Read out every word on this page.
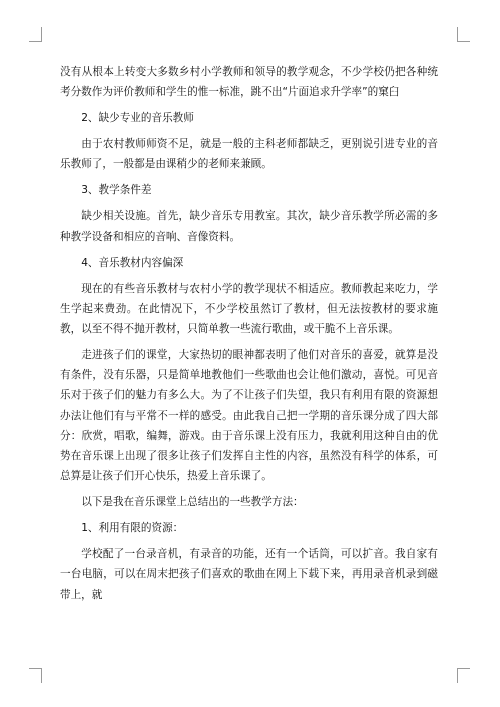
没有从根本上转变大多数乡村小学教师和领导的教学观念，不少学校仍把各种统考分数作为评价教师和学生的惟一标准，跳不出“片面追求升学率”的窠臼

2、缺少专业的音乐教师

由于农村教师师资不足，就是一般的主科老师都缺乏，更别说引进专业的音乐教师了，一般都是由课稍少的老师来兼顾。

3、教学条件差

缺少相关设施。首先，缺少音乐专用教室。其次，缺少音乐教学所必需的多种教学设备和相应的音响、音像资料。

4、音乐教材内容偏深

现在的有些音乐教材与农村小学的教学现状不相适应。教师教起来吃力，学生学起来费劲。在此情况下，不少学校虽然订了教材，但无法按教材的要求施教，以至不得不抛开教材，只简单教一些流行歌曲，或干脆不上音乐课。

走进孩子们的课堂，大家热切的眼神都表明了他们对音乐的喜爱，就算是没有条件，没有乐器，只是简单地教他们一些歌曲也会让他们激动，喜悦。可见音乐对于孩子们的魅力有多么大。为了不让孩子们失望，我只有利用有限的资源想办法让他们有与平常不一样的感受。由此我自己把一学期的音乐课分成了四大部分：欣赏，唱歌，编舞，游戏。由于音乐课上没有压力，我就利用这种自由的优势在音乐课上出现了很多让孩子们发挥自主性的内容，虽然没有科学的体系，可总算是让孩子们开心快乐，热爱上音乐课了。

以下是我在音乐课堂上总结出的一些教学方法：

1、利用有限的资源：

学校配了一台录音机，有录音的功能，还有一个话筒，可以扩音。我自家有一台电脑，可以在周末把孩子们喜欢的歌曲在网上下载下来，再用录音机录到磁带上，就
